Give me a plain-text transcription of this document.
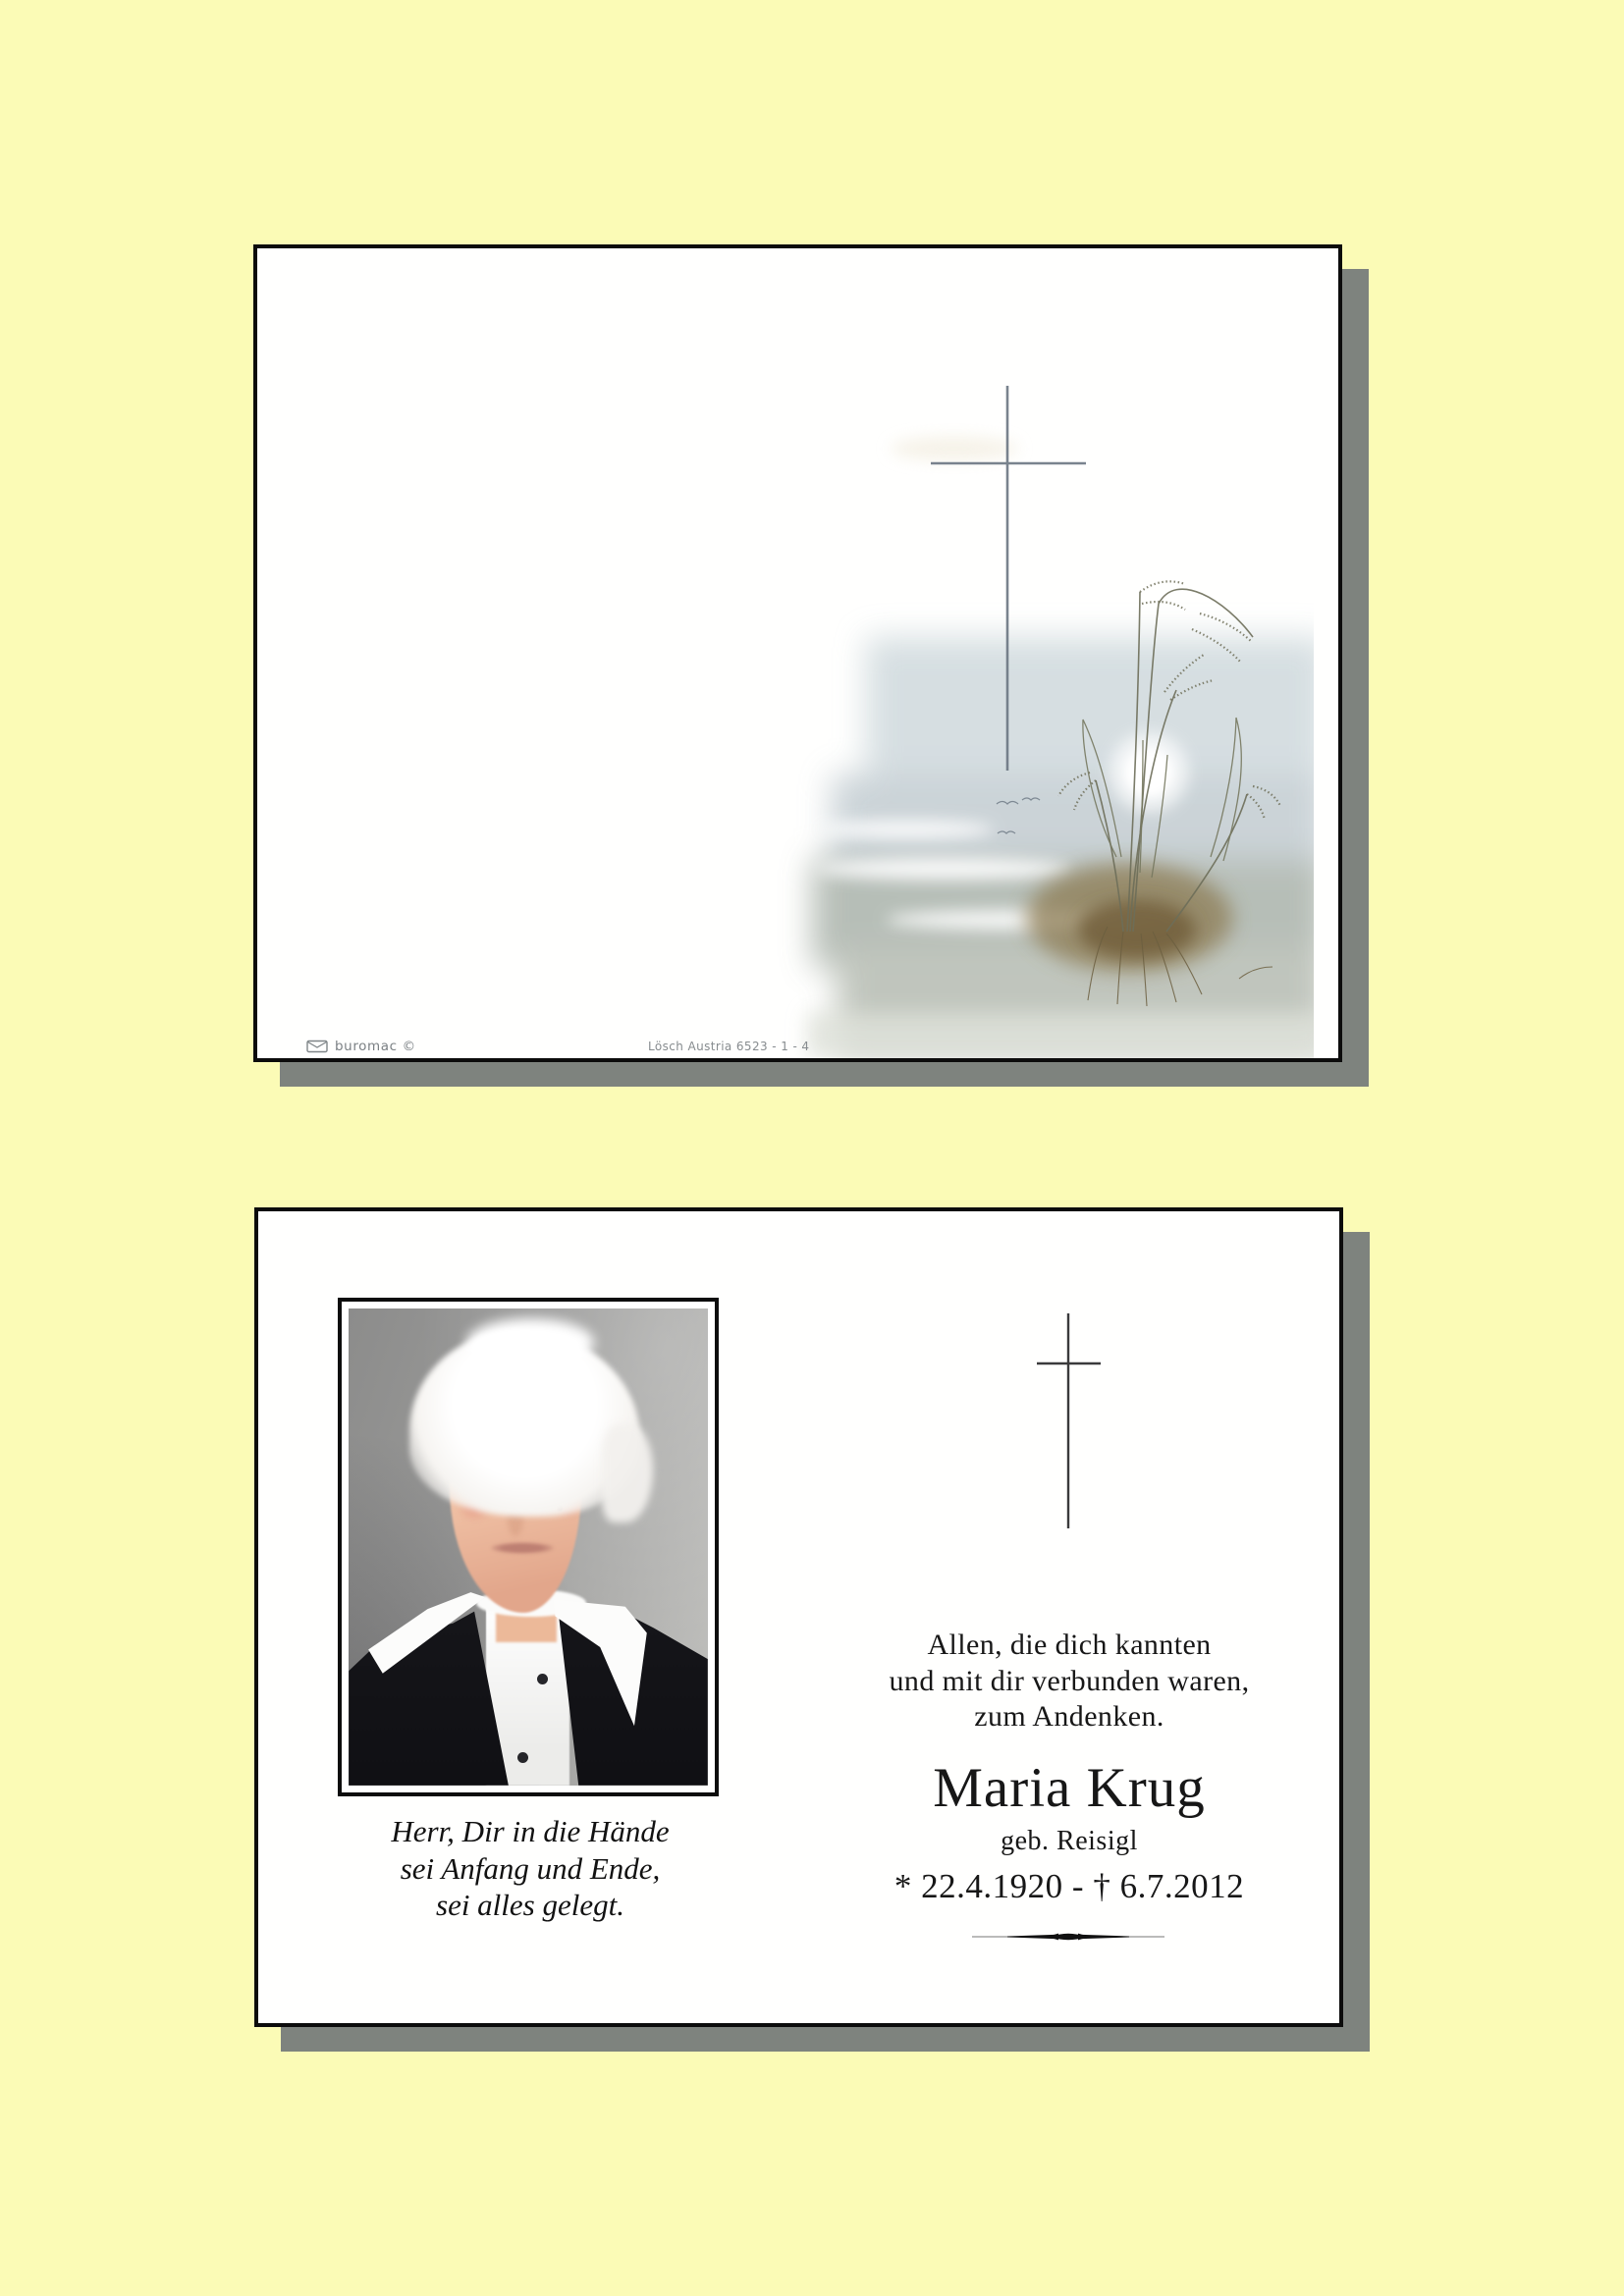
buromac ©	Lösch Austria 6523 - 1 - 4
Herr, Dir in die Hände
sei Anfang und Ende,
sei alles gelegt.
Allen, die dich kannten
und mit dir verbunden waren,
zum Andenken.
Maria Krug
geb. Reisigl
* 22.4.1920 - † 6.7.2012
